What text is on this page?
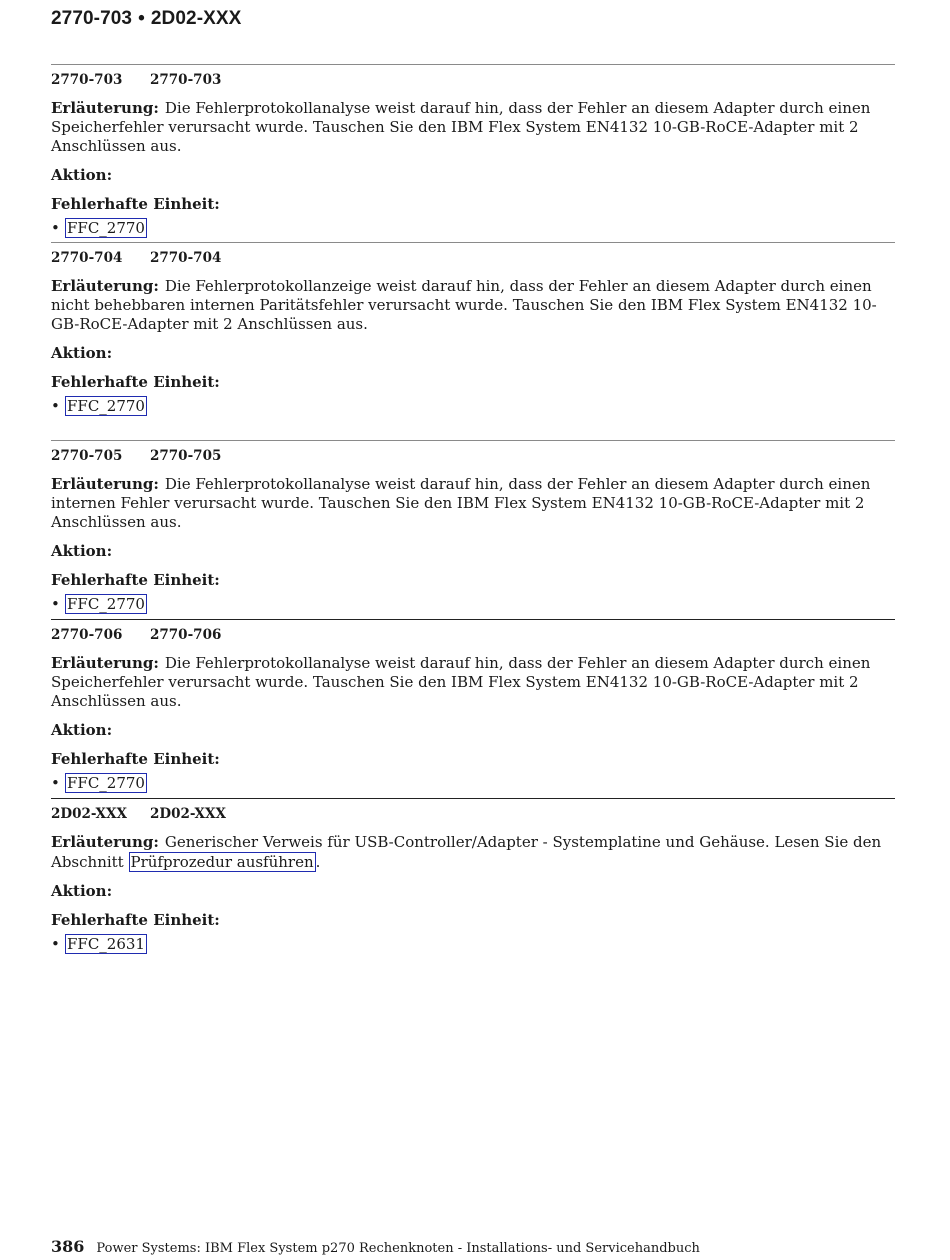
2770-703 • 2D02-XXX
2770-703 2770-703
Erläuterung: Die Fehlerprotokollanalyse weist darauf hin, dass der Fehler an diesem Adapter durch einen Speicherfehler verursacht wurde. Tauschen Sie den IBM Flex System EN4132 10-GB-RoCE-Adapter mit 2 Anschlüssen aus.
Aktion:
Fehlerhafte Einheit:
• FFC_2770
2770-704 2770-704
Erläuterung: Die Fehlerprotokollanzeige weist darauf hin, dass der Fehler an diesem Adapter durch einen nicht behebbaren internen Paritätsfehler verursacht wurde. Tauschen Sie den IBM Flex System EN4132 10-GB-RoCE-Adapter mit 2 Anschlüssen aus.
Aktion:
Fehlerhafte Einheit:
• FFC_2770
2770-705 2770-705
Erläuterung: Die Fehlerprotokollanalyse weist darauf hin, dass der Fehler an diesem Adapter durch einen internen Fehler verursacht wurde. Tauschen Sie den IBM Flex System EN4132 10-GB-RoCE-Adapter mit 2 Anschlüssen aus.
Aktion:
Fehlerhafte Einheit:
• FFC_2770
2770-706 2770-706
Erläuterung: Die Fehlerprotokollanalyse weist darauf hin, dass der Fehler an diesem Adapter durch einen Speicherfehler verursacht wurde. Tauschen Sie den IBM Flex System EN4132 10-GB-RoCE-Adapter mit 2 Anschlüssen aus.
Aktion:
Fehlerhafte Einheit:
• FFC_2770
2D02-XXX 2D02-XXX
Erläuterung: Generischer Verweis für USB-Controller/Adapter - Systemplatine und Gehäuse. Lesen Sie den Abschnitt Prüfprozedur ausführen .
Aktion:
Fehlerhafte Einheit:
• FFC_2631
386 Power Systems: IBM Flex System p270 Rechenknoten - Installations- und Servicehandbuch
